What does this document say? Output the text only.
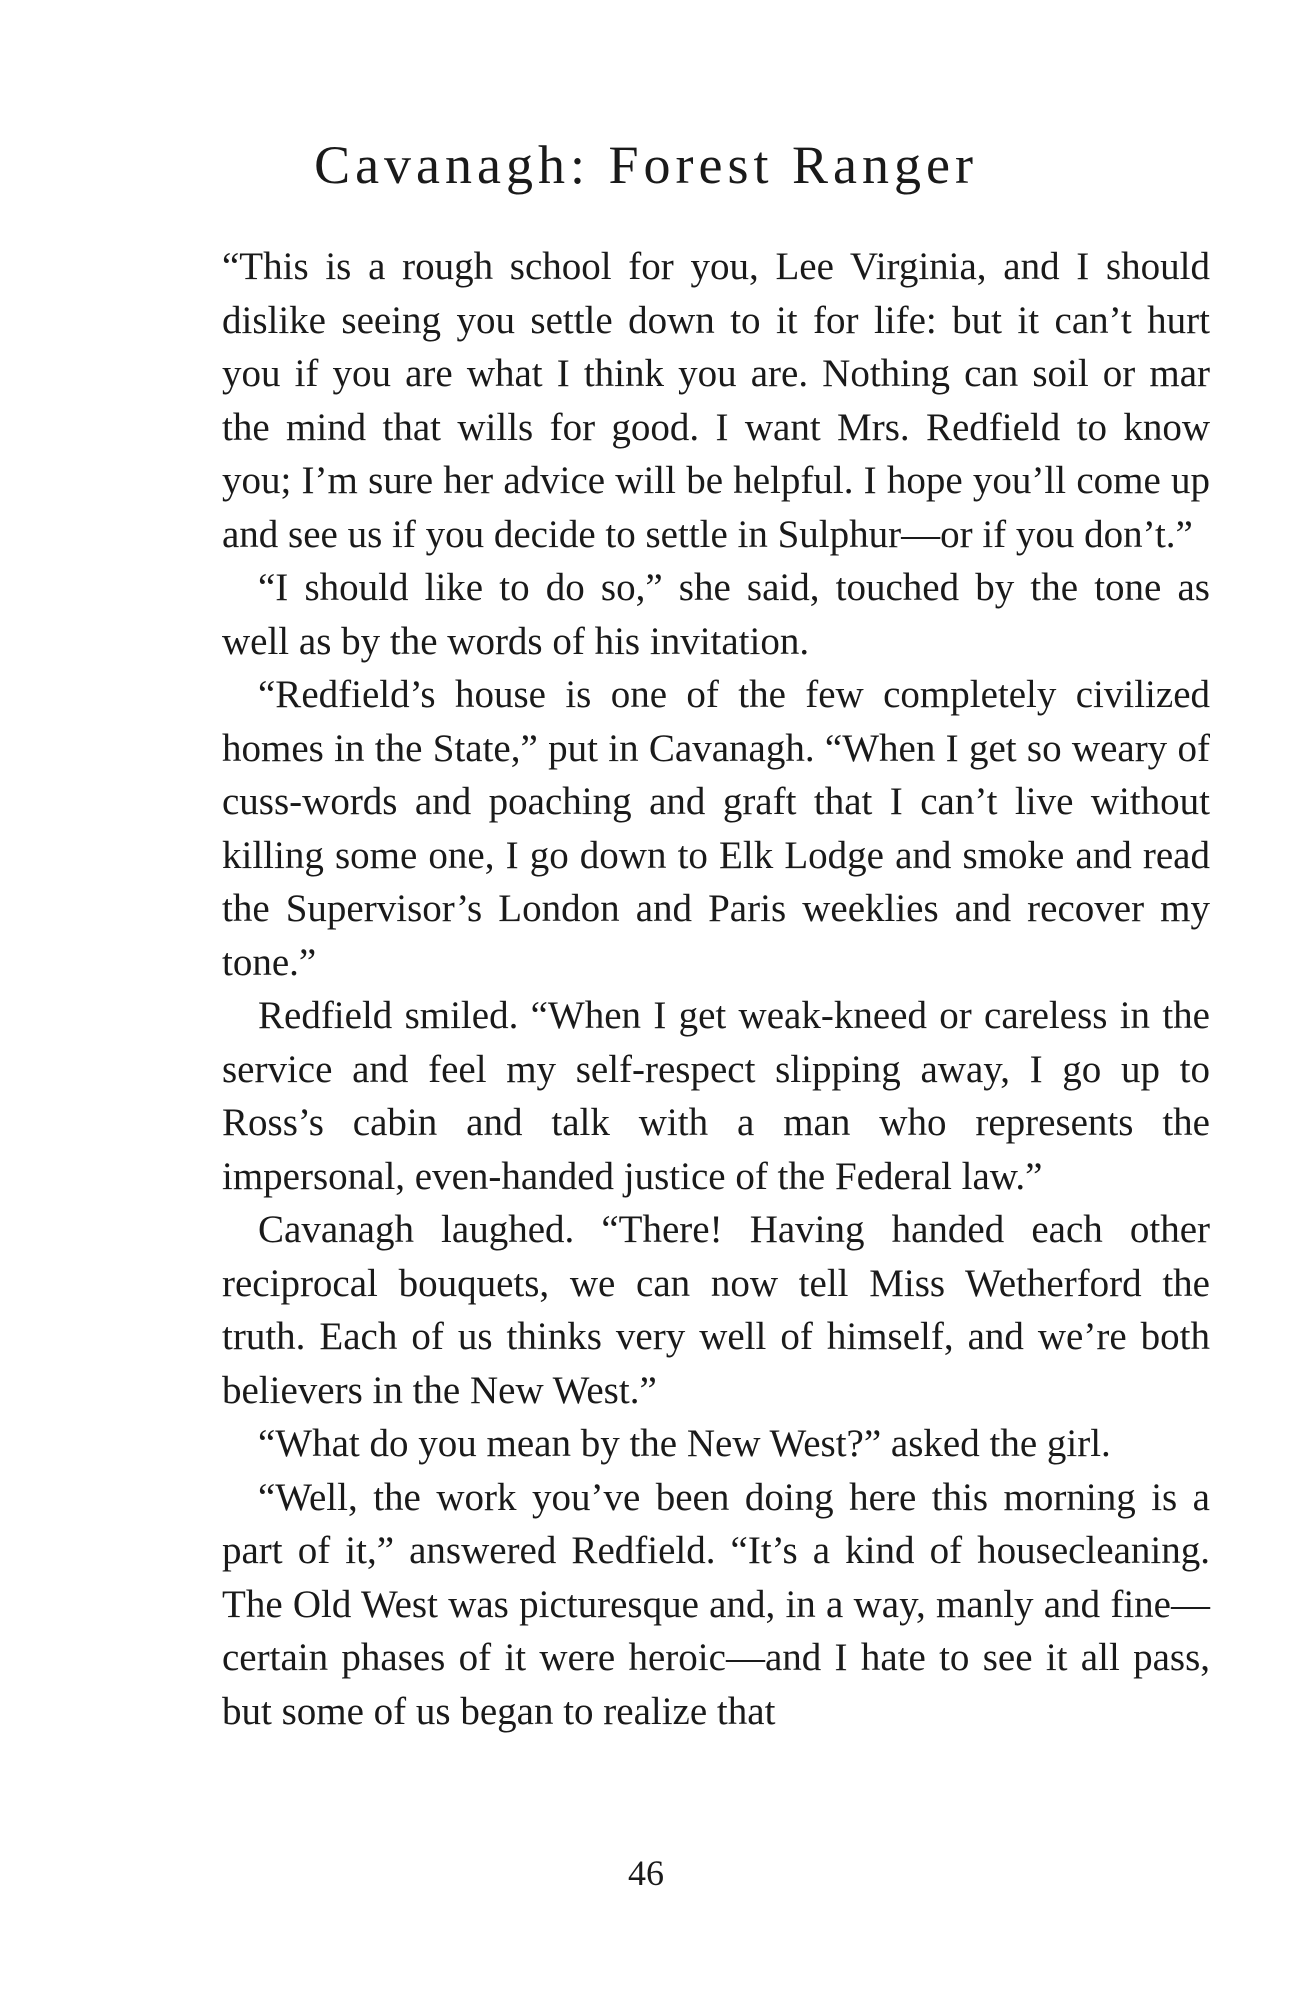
Cavanagh: Forest Ranger

“This is a rough school for you, Lee Virginia, and I should dislike seeing you settle down to it for life: but it can’t hurt you if you are what I think you are. Nothing can soil or mar the mind that wills for good. I want Mrs. Redfield to know you; I’m sure her advice will be helpful. I hope you’ll come up and see us if you decide to settle in Sulphur—or if you don’t.”

“I should like to do so,” she said, touched by the tone as well as by the words of his invitation.

“Redfield’s house is one of the few completely civilized homes in the State,” put in Cavanagh. “When I get so weary of cuss-words and poaching and graft that I can’t live without killing some one, I go down to Elk Lodge and smoke and read the Supervisor’s London and Paris weeklies and recover my tone.”

Redfield smiled. “When I get weak-kneed or careless in the service and feel my self-respect slipping away, I go up to Ross’s cabin and talk with a man who represents the impersonal, even-handed justice of the Federal law.”

Cavanagh laughed. “There! Having handed each other reciprocal bouquets, we can now tell Miss Wetherford the truth. Each of us thinks very well of himself, and we’re both believers in the New West.”

“What do you mean by the New West?” asked the girl.

“Well, the work you’ve been doing here this morning is a part of it,” answered Redfield. “It’s a kind of housecleaning. The Old West was picturesque and, in a way, manly and fine—certain phases of it were heroic—and I hate to see it all pass, but some of us began to realize that

46
